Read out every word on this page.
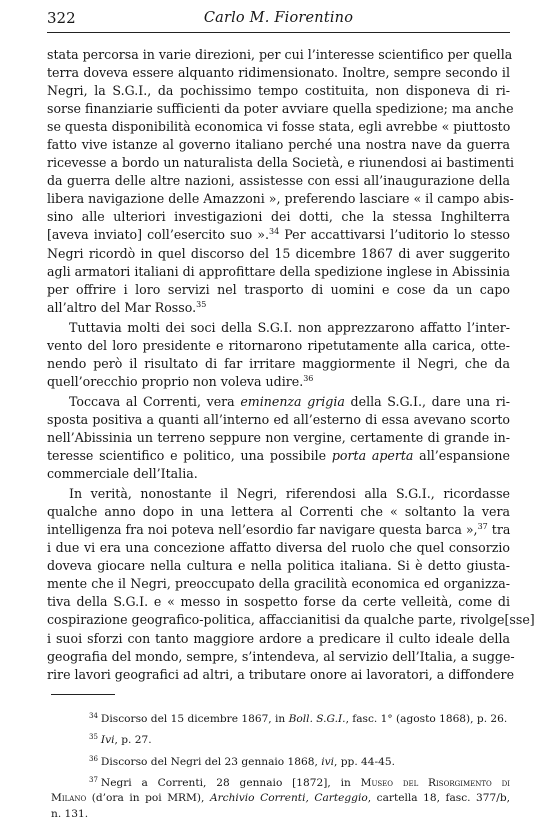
322	Carlo M. Fiorentino
stata percorsa in varie direzioni, per cui l’interesse scientifico per quella
terra doveva essere alquanto ridimensionato. Inoltre, sempre secondo il
Negri, la S.G.I., da pochissimo tempo costituita, non disponeva di ri-
sorse finanziarie sufficienti da poter avviare quella spedizione; ma anche
se questa disponibilità economica vi fosse stata, egli avrebbe « piuttosto
fatto vive istanze al governo italiano perché una nostra nave da guerra
ricevesse a bordo un naturalista della Società, e riunendosi ai bastimenti
da guerra delle altre nazioni, assistesse con essi all’inaugurazione della
libera navigazione delle Amazzoni », preferendo lasciare « il campo abis-
sino alle ulteriori investigazioni dei dotti, che la stessa Inghilterra
[aveva inviato] coll’esercito suo ».$^{34}$ Per accattivarsi l’uditorio lo stesso
Negri ricordò in quel discorso del 15 dicembre 1867 di aver suggerito
agli armatori italiani di approfittare della spedizione inglese in Abissinia
per offrire i loro servizi nel trasporto di uomini e cose da un capo
all’altro del Mar Rosso.$^{35}$
Tuttavia molti dei soci della S.G.I. non apprezzarono affatto l’inter-
vento del loro presidente e ritornarono ripetutamente alla carica, otte-
nendo però il risultato di far irritare maggiormente il Negri, che da
quell’orecchio proprio non voleva udire.$^{36}$
Toccava al Correnti, vera eminenza grigia della S.G.I., dare una ri-
sposta positiva a quanti all’interno ed all’esterno di essa avevano scorto
nell’Abissinia un terreno seppure non vergine, certamente di grande in-
teresse scientifico e politico, una possibile porta aperta all’espansione
commerciale dell’Italia.
In verità, nonostante il Negri, riferendosi alla S.G.I., ricordasse
qualche anno dopo in una lettera al Correnti che « soltanto la vera
intelligenza fra noi poteva nell’esordio far navigare questa barca »,$^{37}$ tra
i due vi era una concezione affatto diversa del ruolo che quel consorzio
doveva giocare nella cultura e nella politica italiana. Si è detto giusta-
mente che il Negri, preoccupato della gracilità economica ed organizza-
tiva della S.G.I. e « messo in sospetto forse da certe velleità, come di
cospirazione geografico-politica, affaccianitisi da qualche parte, rivolge[sse]
i suoi sforzi con tanto maggiore ardore a predicare il culto ideale della
geografia del mondo, sempre, s’intendeva, al servizio dell’Italia, a sugge-
rire lavori geografici ad altri, a tributare onore ai lavoratori, a diffondere
$^{34}$ Discorso del 15 dicembre 1867, in Boll. S.G.I., fasc. 1° (agosto 1868), p. 26.
$^{35}$ Ivi, p. 27.
$^{36}$ Discorso del Negri del 23 gennaio 1868, ivi, pp. 44-45.
$^{37}$ Negri a Correnti, 28 gennaio [1872], in Museo del Risorgimento di
Milano (d’ora in poi MRM), Archivio Correnti, Carteggio, cartella 18, fasc. 377/b,
n. 131.
